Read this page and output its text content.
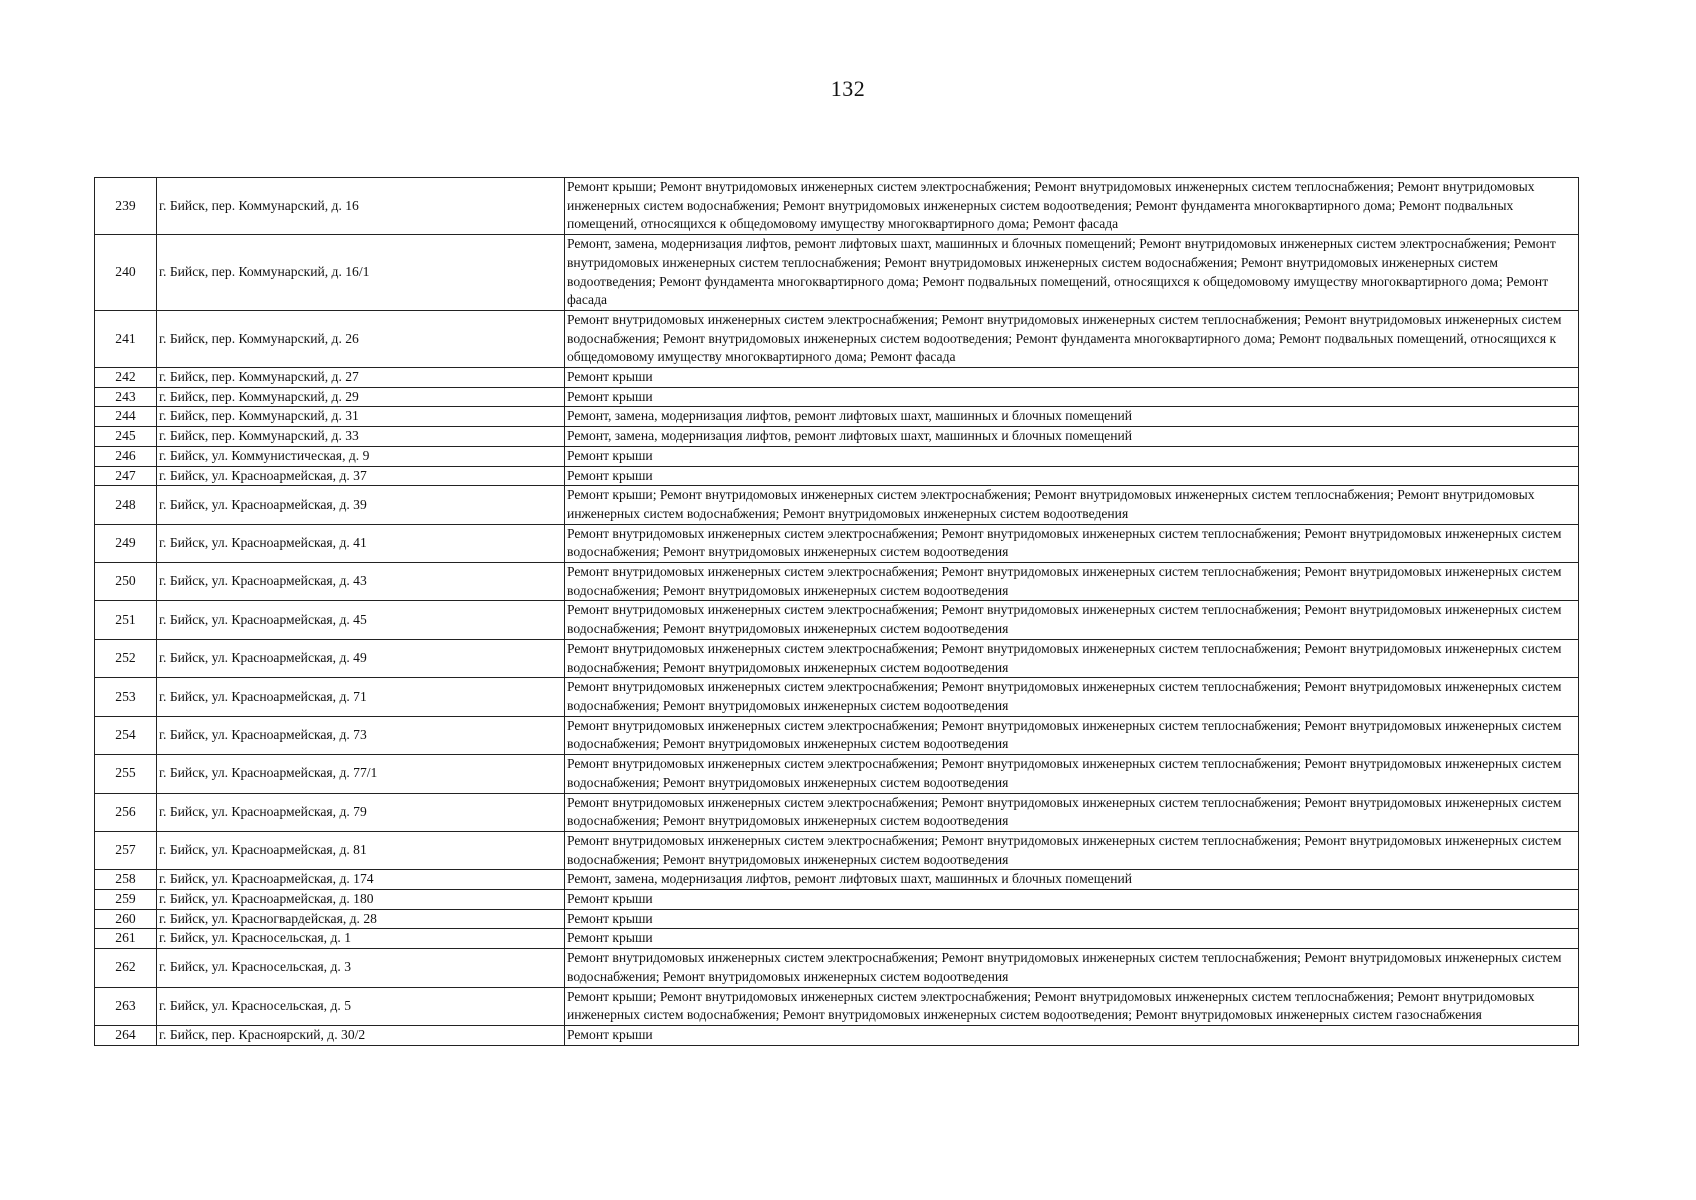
132
239	г. Бийск, пер. Коммунарский, д. 16	Ремонт крыши; Ремонт внутридомовых инженерных систем электроснабжения; Ремонт внутридомовых инженерных систем теплоснабжения; Ремонт внутридомовых инженерных систем водоснабжения; Ремонт внутридомовых инженерных систем водоотведения; Ремонт фундамента многоквартирного дома; Ремонт подвальных помещений, относящихся к общедомовому имуществу многоквартирного дома; Ремонт фасада
240	г. Бийск, пер. Коммунарский, д. 16/1	Ремонт, замена, модернизация лифтов, ремонт лифтовых шахт, машинных и блочных помещений; Ремонт внутридомовых инженерных систем электроснабжения; Ремонт внутридомовых инженерных систем теплоснабжения; Ремонт внутридомовых инженерных систем водоснабжения; Ремонт внутридомовых инженерных систем водоотведения; Ремонт фундамента многоквартирного дома; Ремонт подвальных помещений, относящихся к общедомовому имуществу многоквартирного дома; Ремонт фасада
241	г. Бийск, пер. Коммунарский, д. 26	Ремонт внутридомовых инженерных систем электроснабжения; Ремонт внутридомовых инженерных систем теплоснабжения; Ремонт внутридомовых инженерных систем водоснабжения; Ремонт внутридомовых инженерных систем водоотведения; Ремонт фундамента многоквартирного дома; Ремонт подвальных помещений, относящихся к общедомовому имуществу многоквартирного дома; Ремонт фасада
242	г. Бийск, пер. Коммунарский, д. 27	Ремонт крыши
243	г. Бийск, пер. Коммунарский, д. 29	Ремонт крыши
244	г. Бийск, пер. Коммунарский, д. 31	Ремонт, замена, модернизация лифтов, ремонт лифтовых шахт, машинных и блочных помещений
245	г. Бийск, пер. Коммунарский, д. 33	Ремонт, замена, модернизация лифтов, ремонт лифтовых шахт, машинных и блочных помещений
246	г. Бийск, ул. Коммунистическая, д. 9	Ремонт крыши
247	г. Бийск, ул. Красноармейская, д. 37	Ремонт крыши
248	г. Бийск, ул. Красноармейская, д. 39	Ремонт крыши; Ремонт внутридомовых инженерных систем электроснабжения; Ремонт внутридомовых инженерных систем теплоснабжения; Ремонт внутридомовых инженерных систем водоснабжения; Ремонт внутридомовых инженерных систем водоотведения
249	г. Бийск, ул. Красноармейская, д. 41	Ремонт внутридомовых инженерных систем электроснабжения; Ремонт внутридомовых инженерных систем теплоснабжения; Ремонт внутридомовых инженерных систем водоснабжения; Ремонт внутридомовых инженерных систем водоотведения
250	г. Бийск, ул. Красноармейская, д. 43	Ремонт внутридомовых инженерных систем электроснабжения; Ремонт внутридомовых инженерных систем теплоснабжения; Ремонт внутридомовых инженерных систем водоснабжения; Ремонт внутридомовых инженерных систем водоотведения
251	г. Бийск, ул. Красноармейская, д. 45	Ремонт внутридомовых инженерных систем электроснабжения; Ремонт внутридомовых инженерных систем теплоснабжения; Ремонт внутридомовых инженерных систем водоснабжения; Ремонт внутридомовых инженерных систем водоотведения
252	г. Бийск, ул. Красноармейская, д. 49	Ремонт внутридомовых инженерных систем электроснабжения; Ремонт внутридомовых инженерных систем теплоснабжения; Ремонт внутридомовых инженерных систем водоснабжения; Ремонт внутридомовых инженерных систем водоотведения
253	г. Бийск, ул. Красноармейская, д. 71	Ремонт внутридомовых инженерных систем электроснабжения; Ремонт внутридомовых инженерных систем теплоснабжения; Ремонт внутридомовых инженерных систем водоснабжения; Ремонт внутридомовых инженерных систем водоотведения
254	г. Бийск, ул. Красноармейская, д. 73	Ремонт внутридомовых инженерных систем электроснабжения; Ремонт внутридомовых инженерных систем теплоснабжения; Ремонт внутридомовых инженерных систем водоснабжения; Ремонт внутридомовых инженерных систем водоотведения
255	г. Бийск, ул. Красноармейская, д. 77/1	Ремонт внутридомовых инженерных систем электроснабжения; Ремонт внутридомовых инженерных систем теплоснабжения; Ремонт внутридомовых инженерных систем водоснабжения; Ремонт внутридомовых инженерных систем водоотведения
256	г. Бийск, ул. Красноармейская, д. 79	Ремонт внутридомовых инженерных систем электроснабжения; Ремонт внутридомовых инженерных систем теплоснабжения; Ремонт внутридомовых инженерных систем водоснабжения; Ремонт внутридомовых инженерных систем водоотведения
257	г. Бийск, ул. Красноармейская, д. 81	Ремонт внутридомовых инженерных систем электроснабжения; Ремонт внутридомовых инженерных систем теплоснабжения; Ремонт внутридомовых инженерных систем водоснабжения; Ремонт внутридомовых инженерных систем водоотведения
258	г. Бийск, ул. Красноармейская, д. 174	Ремонт, замена, модернизация лифтов, ремонт лифтовых шахт, машинных и блочных помещений
259	г. Бийск, ул. Красноармейская, д. 180	Ремонт крыши
260	г. Бийск, ул. Красногвардейская, д. 28	Ремонт крыши
261	г. Бийск, ул. Красносельская, д. 1	Ремонт крыши
262	г. Бийск, ул. Красносельская, д. 3	Ремонт внутридомовых инженерных систем электроснабжения; Ремонт внутридомовых инженерных систем теплоснабжения; Ремонт внутридомовых инженерных систем водоснабжения; Ремонт внутридомовых инженерных систем водоотведения
263	г. Бийск, ул. Красносельская, д. 5	Ремонт крыши; Ремонт внутридомовых инженерных систем электроснабжения; Ремонт внутридомовых инженерных систем теплоснабжения; Ремонт внутридомовых инженерных систем водоснабжения; Ремонт внутридомовых инженерных систем водоотведения; Ремонт внутридомовых инженерных систем газоснабжения
264	г. Бийск, пер. Красноярский, д. 30/2	Ремонт крыши
